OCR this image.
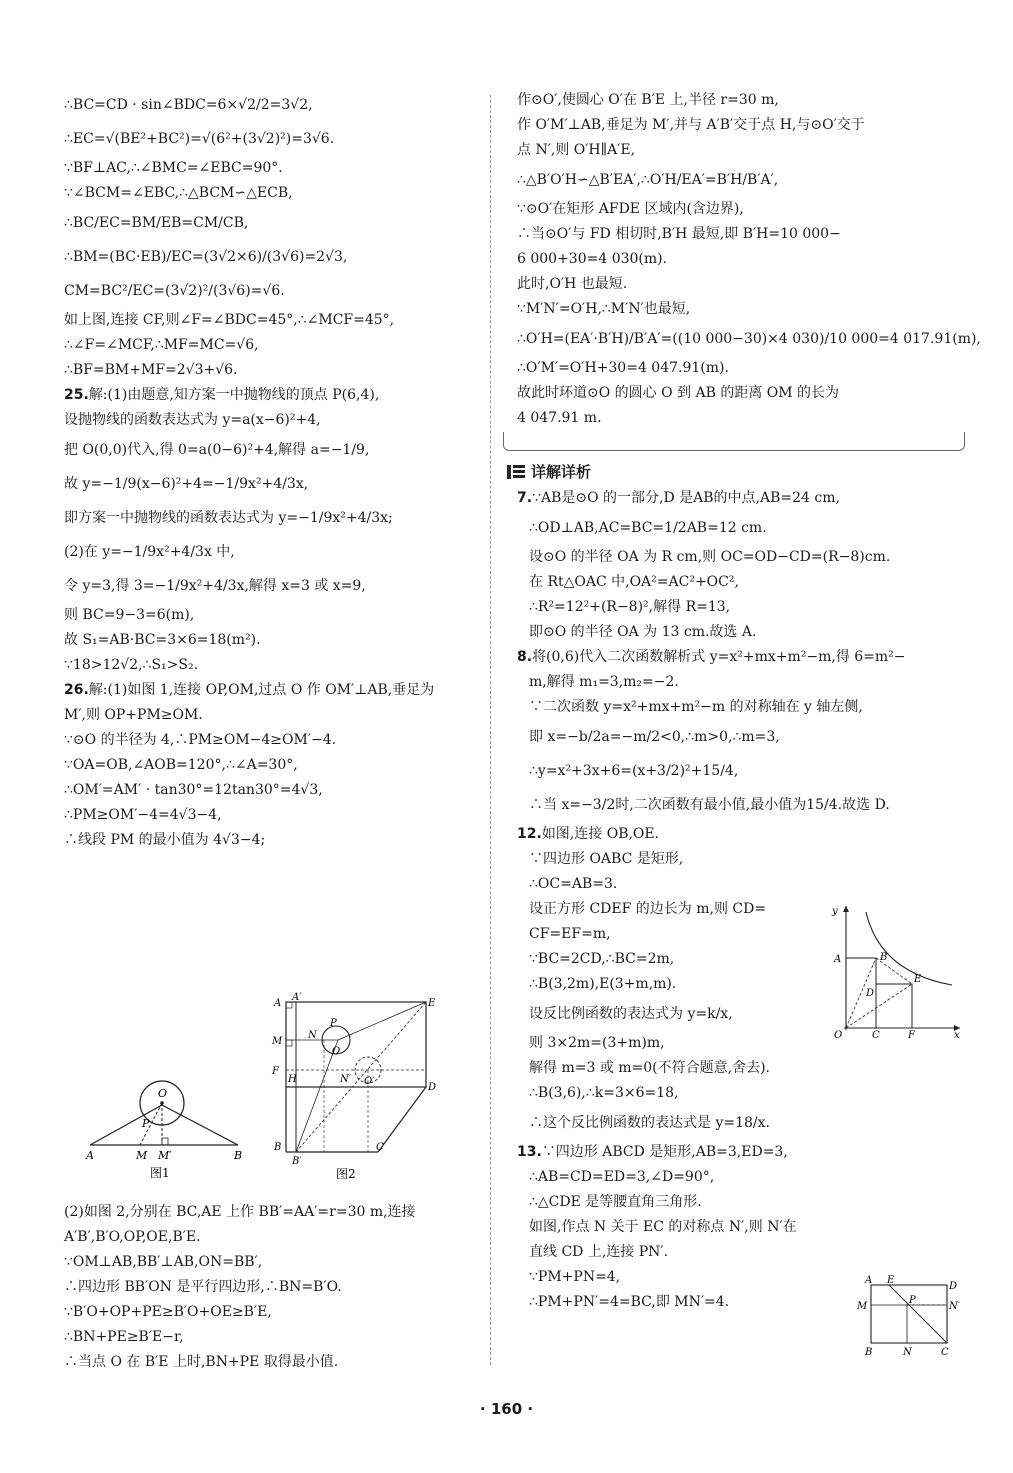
∴BC=CD · sin∠BDC=6×√2/2=3√2,
∴EC=√(BE²+BC²)=√(6²+(3√2)²)=3√6.
∵BF⊥AC,∴∠BMC=∠EBC=90°.
∵∠BCM=∠EBC,∴△BCM∽△ECB,
∴BC/EC=BM/EB=CM/CB,
∴BM=(BC·EB)/EC=(3√2×6)/(3√6)=2√3,
CM=BC²/EC=(3√2)²/(3√6)=√6.
如上图,连接 CF,则∠F=∠BDC=45°,∴∠MCF=45°,
∴∠F=∠MCF,∴MF=MC=√6,
∴BF=BM+MF=2√3+√6.
25.解:(1)由题意,知方案一中抛物线的顶点 P(6,4),
设抛物线的函数表达式为 y=a(x−6)²+4,
把 O(0,0)代入,得 0=a(0−6)²+4,解得 a=−1/9,
故 y=−1/9(x−6)²+4=−1/9x²+4/3x,
即方案一中抛物线的函数表达式为 y=−1/9x²+4/3x;
(2)在 y=−1/9x²+4/3x 中,
令 y=3,得 3=−1/9x²+4/3x,解得 x=3 或 x=9,
则 BC=9−3=6(m),
故 S₁=AB·BC=3×6=18(m²).
∵18>12√2,∴S₁>S₂.
26.解:(1)如图 1,连接 OP,OM,过点 O 作 OM′⊥AB,垂足为
M′,则 OP+PM≥OM.
∵⊙O 的半径为 4,∴PM≥OM−4≥OM′−4.
∵OA=OB,∠AOB=120°,∴∠A=30°,
∴OM′=AM′ · tan30°=12tan30°=4√3,
∴PM≥OM′−4=4√3−4,
∴线段 PM 的最小值为 4√3−4;
(2)如图 2,分别在 BC,AE 上作 BB′=AA′=r=30 m,连接
A′B′,B′O,OP,OE,B′E.
∵OM⊥AB,BB′⊥AB,ON=BB′,
∴四边形 BB′ON 是平行四边形,∴BN=B′O.
∵B′O+OP+PE≥B′O+OE≥B′E,
∴BN+PE≥B′E−r,
∴当点 O 在 B′E 上时,BN+PE 取得最小值.
作⊙O′,使圆心 O′在 B′E 上,半径 r=30 m,
作 O′M′⊥AB,垂足为 M′,并与 A′B′交于点 H,与⊙O′交于
点 N′,则 O′H∥A′E,
∴△B′O′H∽△B′EA′,∴O′H/EA′=B′H/B′A′,
∵⊙O′在矩形 AFDE 区域内(含边界),
∴当⊙O′与 FD 相切时,B′H 最短,即 B′H=10 000−
6 000+30=4 030(m).
此时,O′H 也最短.
∵M′N′=O′H,∴M′N′也最短,
∴O′H=(EA′·B′H)/B′A′=((10 000−30)×4 030)/10 000=4 017.91(m),
∴O′M′=O′H+30=4 047.91(m).
故此时环道⊙O 的圆心 O 到 AB 的距离 OM 的长为
4 047.91 m.
详解详析
7.∵AB是⊙O 的一部分,D 是AB的中点,AB=24 cm,
∴OD⊥AB,AC=BC=1/2AB=12 cm.
设⊙O 的半径 OA 为 R cm,则 OC=OD−CD=(R−8)cm.
在 Rt△OAC 中,OA²=AC²+OC²,
∴R²=12²+(R−8)²,解得 R=13,
即⊙O 的半径 OA 为 13 cm.故选 A.
8.将(0,6)代入二次函数解析式 y=x²+mx+m²−m,得 6=m²−
m,解得 m₁=3,m₂=−2.
∵二次函数 y=x²+mx+m²−m 的对称轴在 y 轴左侧,
即 x=−b/2a=−m/2<0,∴m>0,∴m=3,
∴y=x²+3x+6=(x+3/2)²+15/4,
∴当 x=−3/2时,二次函数有最小值,最小值为15/4.故选 D.
12.如图,连接 OB,OE.
∵四边形 OABC 是矩形,
∴OC=AB=3.
设正方形 CDEF 的边长为 m,则 CD=
CF=EF=m,
∵BC=2CD,∴BC=2m,
∴B(3,2m),E(3+m,m).
设反比例函数的表达式为 y=k/x,
则 3×2m=(3+m)m,
解得 m=3 或 m=0(不符合题意,舍去).
∴B(3,6),∴k=3×6=18,
∴这个反比例函数的表达式是 y=18/x.
13.∵四边形 ABCD 是矩形,AB=3,ED=3,
∴AB=CD=ED=3,∠D=90°,
∴△CDE 是等腰直角三角形.
如图,作点 N 关于 EC 的对称点 N′,则 N′在
直线 CD 上,连接 PN′.
∵PM+PN=4,
∴PM+PN′=4=BC,即 MN′=4.
A	M M′	B
P
O
图1
A
A′
E
N
P
O
M
H
F
N′ O′
D
B
B′
C
图2
y
A	B
D
E
O	C	F	x
A E
D
M
P
N′
B	N	C
· 160 ·
